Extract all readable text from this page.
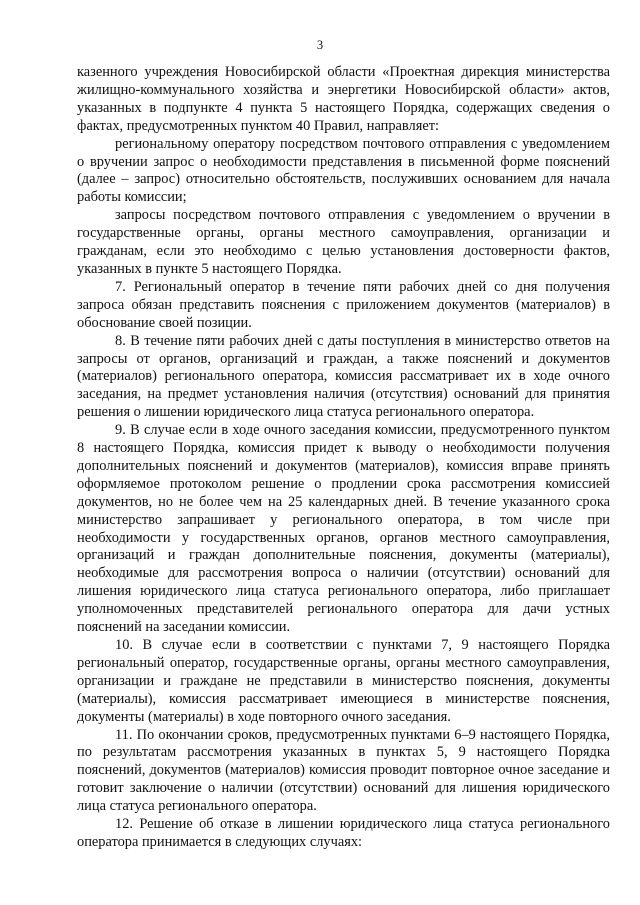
3

казенного учреждения Новосибирской области «Проектная дирекция министерства жилищно-коммунального хозяйства и энергетики Новосибирской области» актов, указанных в подпункте 4 пункта 5 настоящего Порядка, содержащих сведения о фактах, предусмотренных пунктом 40 Правил, направляет:

региональному оператору посредством почтового отправления с уведомлением о вручении запрос о необходимости представления в письменной форме пояснений (далее – запрос) относительно обстоятельств, послуживших основанием для начала работы комиссии;

запросы посредством почтового отправления с уведомлением о вручении в государственные органы, органы местного самоуправления, организации и гражданам, если это необходимо с целью установления достоверности фактов, указанных в пункте 5 настоящего Порядка.

7. Региональный оператор в течение пяти рабочих дней со дня получения запроса обязан представить пояснения с приложением документов (материалов) в обоснование своей позиции.

8. В течение пяти рабочих дней с даты поступления в министерство ответов на запросы от органов, организаций и граждан, а также пояснений и документов (материалов) регионального оператора, комиссия рассматривает их в ходе очного заседания, на предмет установления наличия (отсутствия) оснований для принятия решения о лишении юридического лица статуса регионального оператора.

9. В случае если в ходе очного заседания комиссии, предусмотренного пунктом 8 настоящего Порядка, комиссия придет к выводу о необходимости получения дополнительных пояснений и документов (материалов), комиссия вправе принять оформляемое протоколом решение о продлении срока рассмотрения комиссией документов, но не более чем на 25 календарных дней. В течение указанного срока министерство запрашивает у регионального оператора, в том числе при необходимости у государственных органов, органов местного самоуправления, организаций и граждан дополнительные пояснения, документы (материалы), необходимые для рассмотрения вопроса о наличии (отсутствии) оснований для лишения юридического лица статуса регионального оператора, либо приглашает уполномоченных представителей регионального оператора для дачи устных пояснений на заседании комиссии.

10. В случае если в соответствии с пунктами 7, 9 настоящего Порядка региональный оператор, государственные органы, органы местного самоуправления, организации и граждане не представили в министерство пояснения, документы (материалы), комиссия рассматривает имеющиеся в министерстве пояснения, документы (материалы) в ходе повторного очного заседания.

11. По окончании сроков, предусмотренных пунктами 6–9 настоящего Порядка, по результатам рассмотрения указанных в пунктах 5, 9 настоящего Порядка пояснений, документов (материалов) комиссия проводит повторное очное заседание и готовит заключение о наличии (отсутствии) оснований для лишения юридического лица статуса регионального оператора.

12. Решение об отказе в лишении юридического лица статуса регионального оператора принимается в следующих случаях:
